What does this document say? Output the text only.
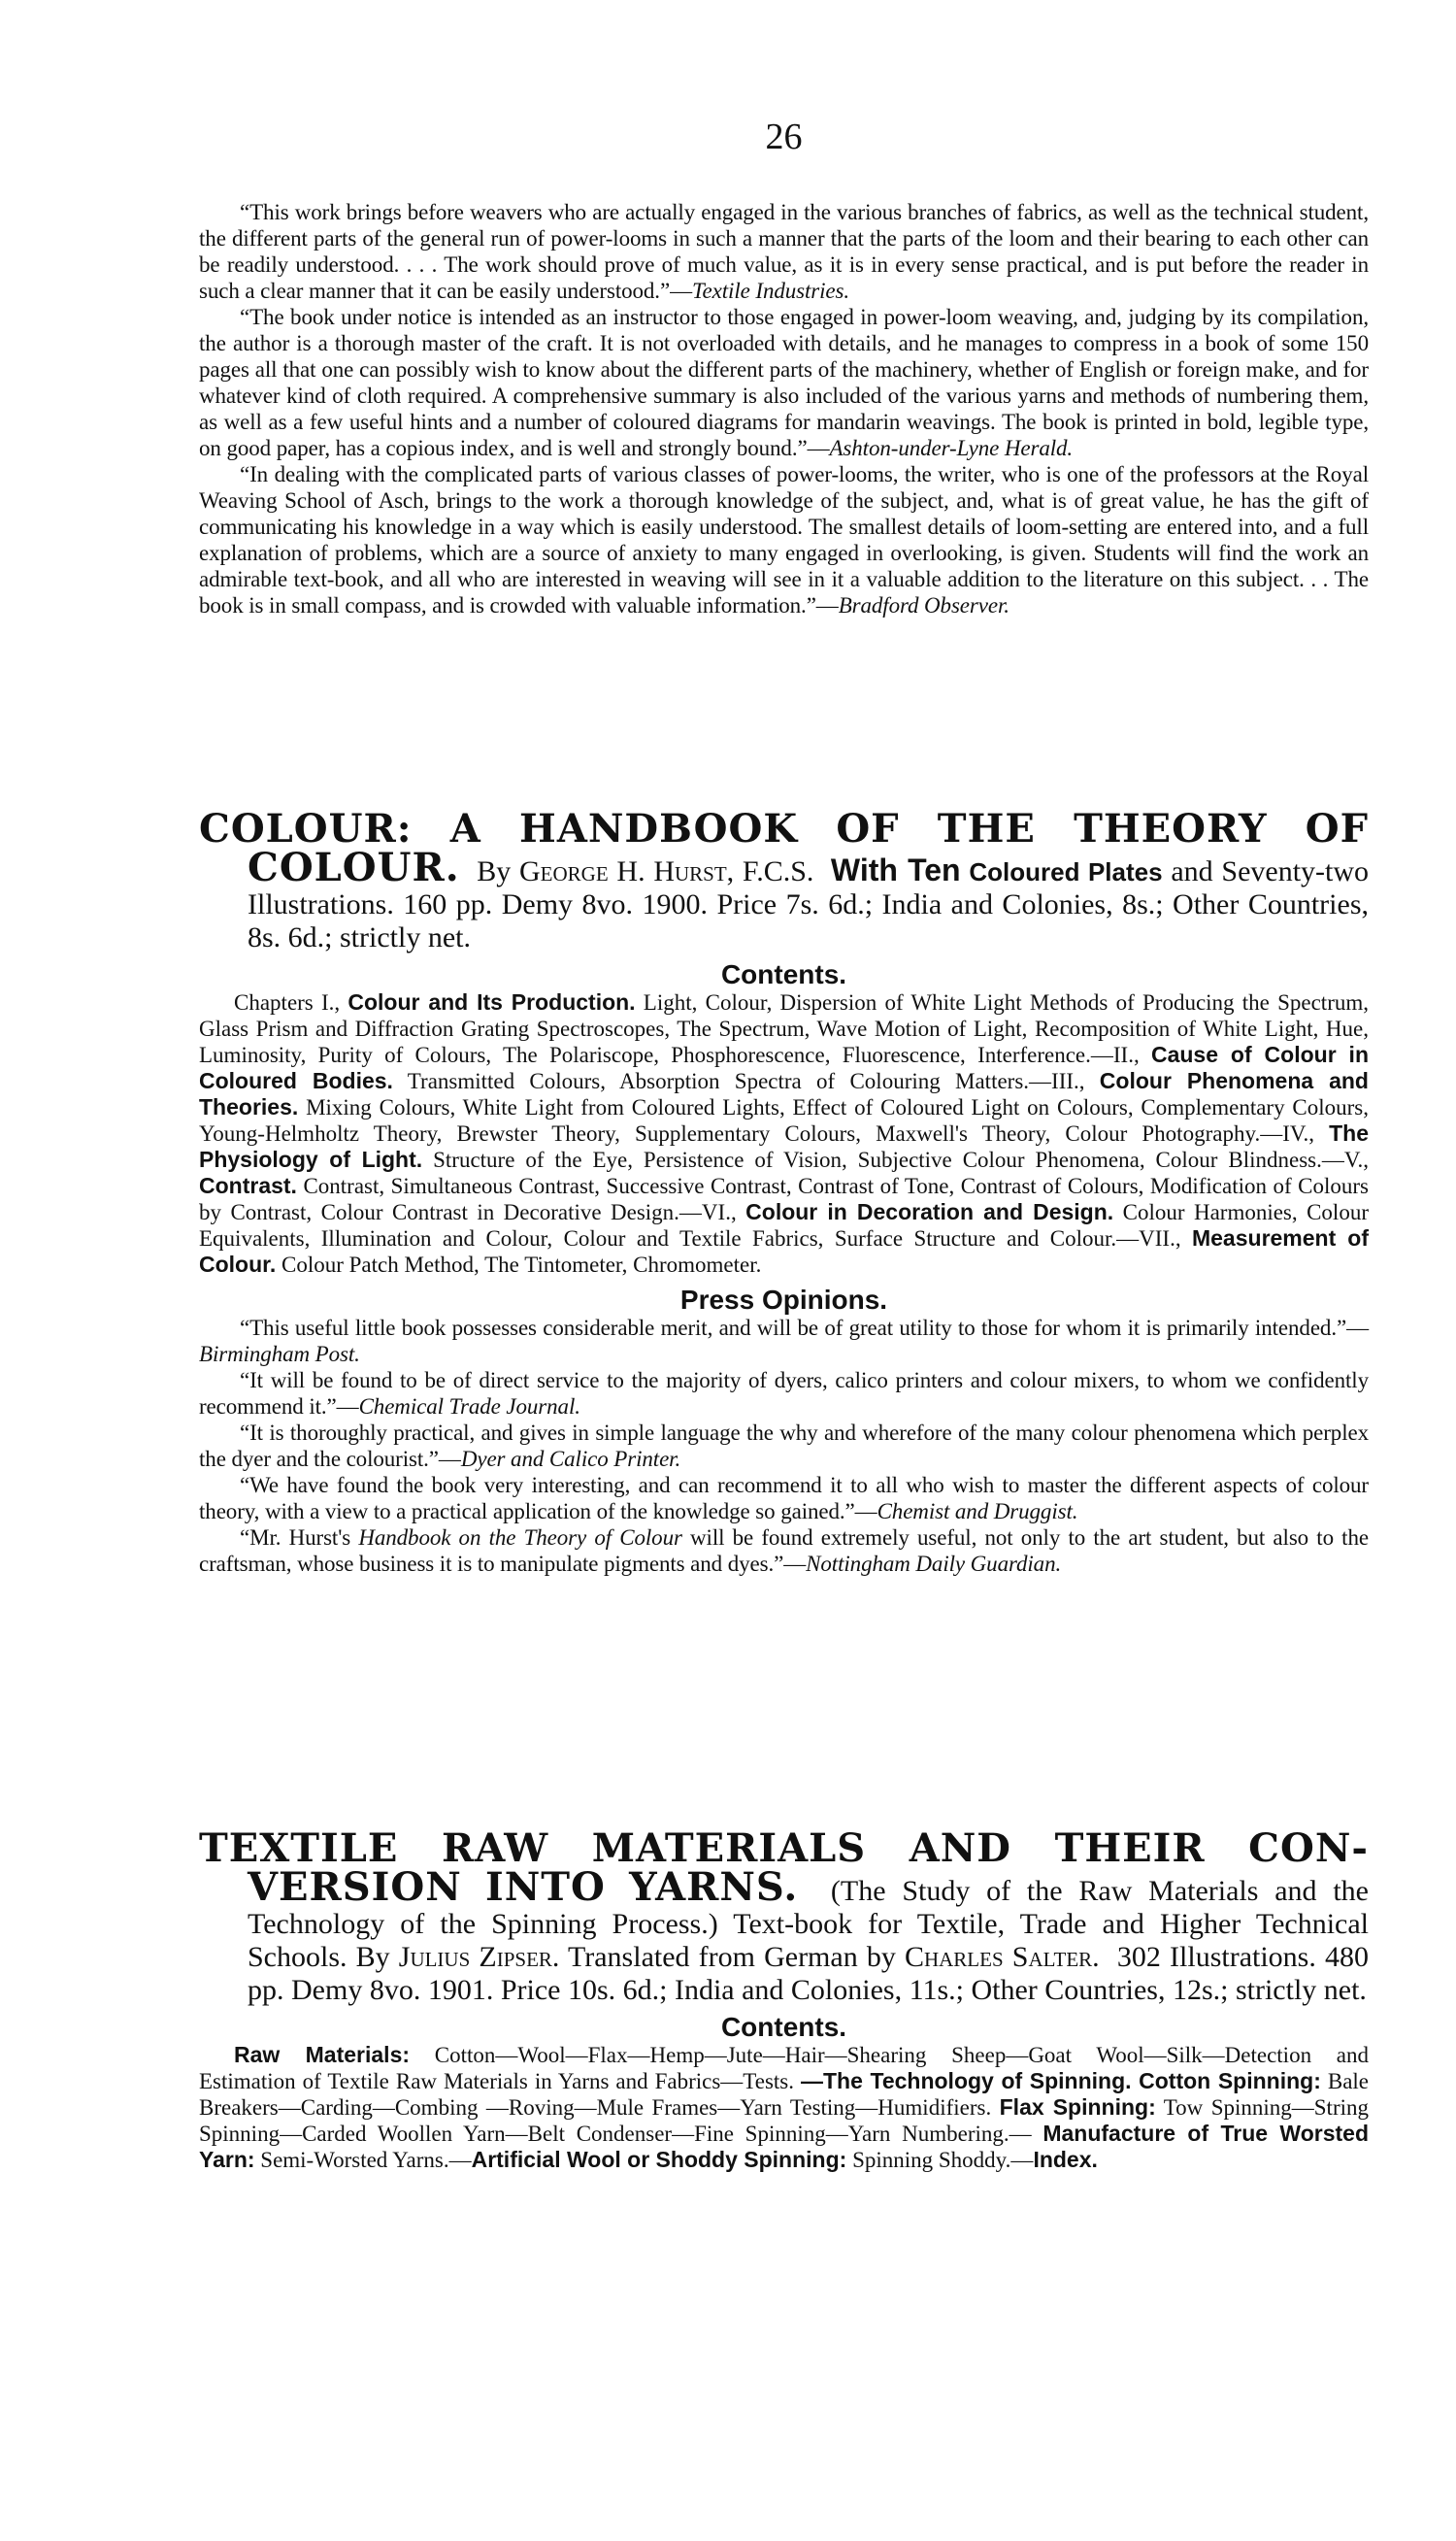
26

“This work brings before weavers who are actually engaged in the various branches of fabrics, as well as the technical student, the different parts of the general run of power-looms in such a manner that the parts of the loom and their bearing to each other can be readily understood. . . . The work should prove of much value, as it is in every sense practical, and is put before the reader in such a clear manner that it can be easily understood.”—Textile Industries.

“The book under notice is intended as an instructor to those engaged in power-loom weaving, and, judging by its compilation, the author is a thorough master of the craft. It is not overloaded with details, and he manages to compress in a book of some 150 pages all that one can possibly wish to know about the different parts of the machinery, whether of English or foreign make, and for whatever kind of cloth required. A comprehensive summary is also included of the various yarns and methods of numbering them, as well as a few useful hints and a number of coloured diagrams for mandarin weavings. The book is printed in bold, legible type, on good paper, has a copious index, and is well and strongly bound.”—Ashton-under-Lyne Herald.

“In dealing with the complicated parts of various classes of power-looms, the writer, who is one of the professors at the Royal Weaving School of Asch, brings to the work a thorough knowledge of the subject, and, what is of great value, he has the gift of communicating his knowledge in a way which is easily understood. The smallest details of loom-setting are entered into, and a full explanation of problems, which are a source of anxiety to many engaged in overlooking, is given. Students will find the work an admirable text-book, and all who are interested in weaving will see in it a valuable addition to the literature on this subject. . . The book is in small compass, and is crowded with valuable information.”—Bradford Observer.

COLOUR: A HANDBOOK OF THE THEORY OF

COLOUR. By George H. Hurst, F.C.S. With Ten Coloured Plates and Seventy-two Illustrations. 160 pp. Demy 8vo. 1900. Price 7s. 6d.; India and Colonies, 8s.; Other Countries, 8s. 6d.; strictly net.

Contents.

Chapters I., Colour and Its Production. Light, Colour, Dispersion of White Light Methods of Producing the Spectrum, Glass Prism and Diffraction Grating Spectroscopes, The Spectrum, Wave Motion of Light, Recomposition of White Light, Hue, Luminosity, Purity of Colours, The Polariscope, Phosphorescence, Fluorescence, Interference.—II., Cause of Colour in Coloured Bodies. Transmitted Colours, Absorption Spectra of Colouring Matters.—III., Colour Phenomena and Theories. Mixing Colours, White Light from Coloured Lights, Effect of Coloured Light on Colours, Complementary Colours, Young-Helmholtz Theory, Brewster Theory, Supplementary Colours, Maxwell's Theory, Colour Photography.—IV., The Physiology of Light. Structure of the Eye, Persistence of Vision, Subjective Colour Phenomena, Colour Blindness.—V., Contrast. Contrast, Simultaneous Contrast, Successive Contrast, Contrast of Tone, Contrast of Colours, Modification of Colours by Contrast, Colour Contrast in Decorative Design.—VI., Colour in Decoration and Design. Colour Harmonies, Colour Equivalents, Illumination and Colour, Colour and Textile Fabrics, Surface Structure and Colour.—VII., Measurement of Colour. Colour Patch Method, The Tintometer, Chromometer.

Press Opinions.

“This useful little book possesses considerable merit, and will be of great utility to those for whom it is primarily intended.”—Birmingham Post.

“It will be found to be of direct service to the majority of dyers, calico printers and colour mixers, to whom we confidently recommend it.”—Chemical Trade Journal.

“It is thoroughly practical, and gives in simple language the why and wherefore of the many colour phenomena which perplex the dyer and the colourist.”—Dyer and Calico Printer.

“We have found the book very interesting, and can recommend it to all who wish to master the different aspects of colour theory, with a view to a practical application of the knowledge so gained.”—Chemist and Druggist.

“Mr. Hurst's Handbook on the Theory of Colour will be found extremely useful, not only to the art student, but also to the craftsman, whose business it is to manipulate pigments and dyes.”—Nottingham Daily Guardian.

TEXTILE RAW MATERIALS AND THEIR CON-

VERSION INTO YARNS. (The Study of the Raw Materials and the Technology of the Spinning Process.) Text-book for Textile, Trade and Higher Technical Schools. By Julius Zipser. Translated from German by Charles Salter. 302 Illustrations. 480 pp. Demy 8vo. 1901. Price 10s. 6d.; India and Colonies, 11s.; Other Countries, 12s.; strictly net.

Contents.

Raw Materials: Cotton—Wool—Flax—Hemp—Jute—Hair—Shearing Sheep—Goat Wool—Silk—Detection and Estimation of Textile Raw Materials in Yarns and Fabrics—Tests. —The Technology of Spinning. Cotton Spinning: Bale Breakers—Carding—Combing —Roving—Mule Frames—Yarn Testing—Humidifiers. Flax Spinning: Tow Spinning—String Spinning—Carded Woollen Yarn—Belt Condenser—Fine Spinning—Yarn Numbering.— Manufacture of True Worsted Yarn: Semi-Worsted Yarns.—Artificial Wool or Shoddy Spinning: Spinning Shoddy.—Index.
